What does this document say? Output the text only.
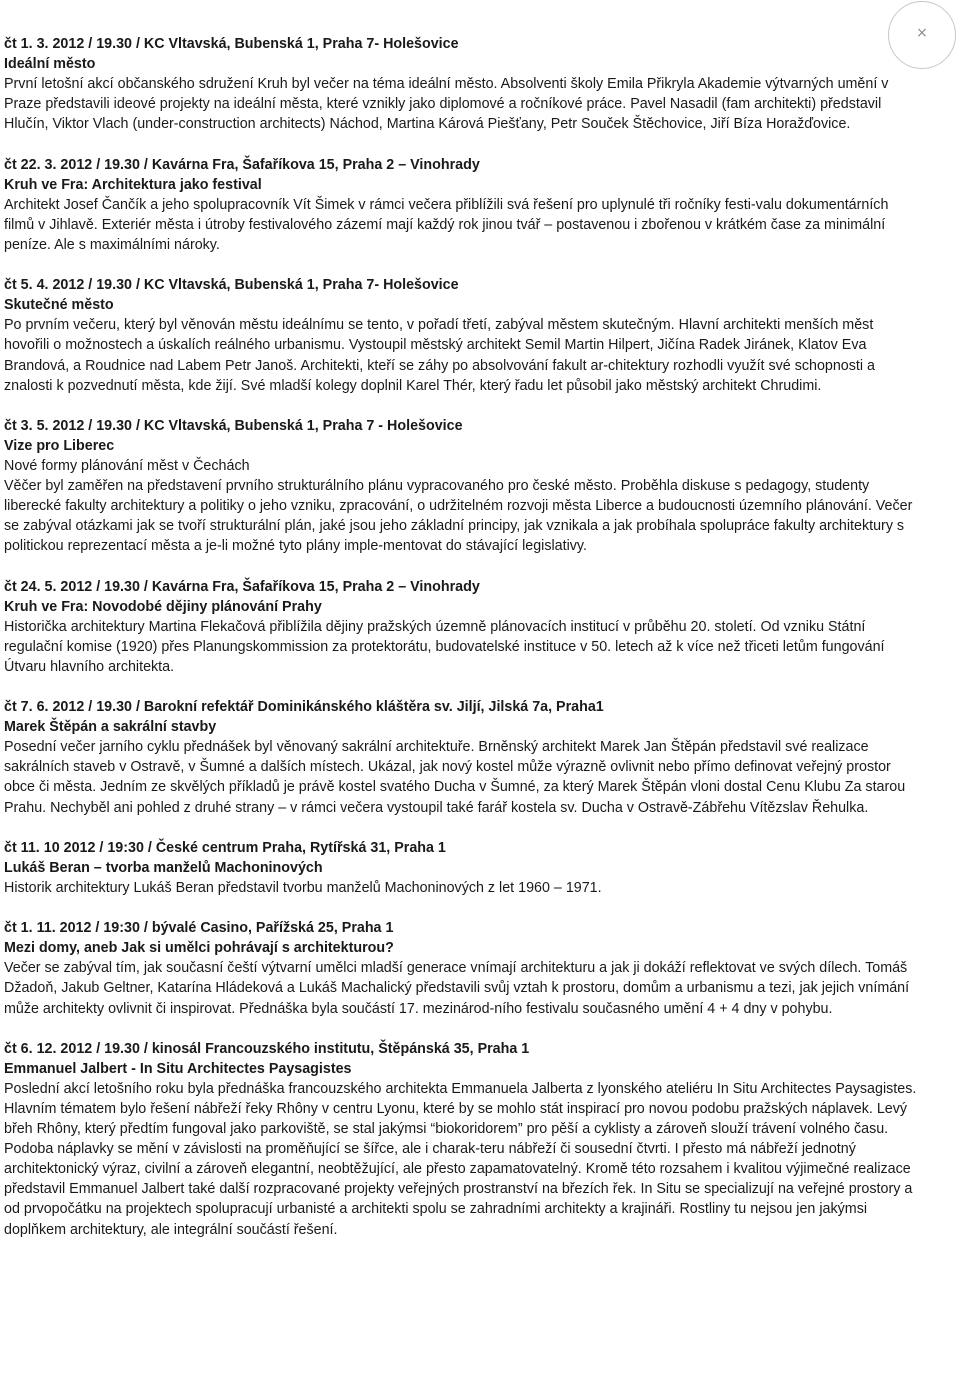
×
čt 1. 3. 2012 / 19.30 / KC Vltavská, Bubenská 1, Praha 7- Holešovice
Ideální město
První letošní akcí občanského sdružení Kruh byl večer na téma ideální město. Absolventi školy Emila Přikryla Akademie výtvarných umění v Praze představili ideové projekty na ideální města, které vznikly jako diplomové a ročníkové práce. Pavel Nasadil (fam architekti) představil Hlučín, Viktor Vlach (under-construction architects) Náchod, Martina Kárová Piešťany, Petr Souček Štěchovice, Jiří Bíza Horažďovice.
čt 22. 3. 2012 / 19.30 / Kavárna Fra, Šafaříkova 15, Praha 2 – Vinohrady
Kruh ve Fra: Architektura jako festival
Architekt Josef Čančík a jeho spolupracovník Vít Šimek v rámci večera přiblížili svá řešení pro uplynulé tři ročníky festi-valu dokumentárních filmů v Jihlavě. Exteriér města i útroby festivalového zázemí mají každý rok jinou tvář – postavenou i zbořenou v krátkém čase za minimální peníze. Ale s maximálními nároky.
čt 5. 4. 2012 / 19.30 / KC Vltavská, Bubenská 1, Praha 7- Holešovice
Skutečné město
Po prvním večeru, který byl věnován městu ideálnímu se tento, v pořadí třetí, zabýval městem skutečným. Hlavní architekti menších měst hovořili o možnostech a úskalích reálného urbanismu. Vystoupil městský architekt Semil Martin Hilpert, Jičína Radek Jiránek, Klatov Eva Brandová, a Roudnice nad Labem Petr Janoš. Architekti, kteří se záhy po absolvování fakult ar-chitektury rozhodli využít své schopnosti a znalosti k pozvednutí města, kde žijí. Své mladší kolegy doplnil Karel Thér, který řadu let působil jako městský architekt Chrudimi.
čt 3. 5. 2012 / 19.30 / KC Vltavská, Bubenská 1, Praha 7 - Holešovice
Vize pro Liberec
Nové formy plánování měst v Čechách
Věčer byl zaměřen na představení prvního strukturálního plánu vypracovaného pro české město. Proběhla diskuse s pedagogy, studenty liberecké fakulty architektury a politiky o jeho vzniku, zpracování, o udržitelném rozvoji města Liberce a budoucnosti územního plánování. Večer se zabýval otázkami jak se tvoří strukturální plán, jaké jsou jeho základní principy, jak vznikala a jak probíhala spolupráce fakulty architektury s politickou reprezentací města a je-li možné tyto plány imple-mentovat do stávající legislativy.
čt 24. 5. 2012 / 19.30 / Kavárna Fra, Šafaříkova 15, Praha 2 – Vinohrady
Kruh ve Fra: Novodobé dějiny plánování Prahy
Historička architektury Martina Flekačová přiblížila dějiny pražských územně plánovacích institucí v průběhu 20. století. Od vzniku Státní regulační komise (1920) přes Planungskommission za protektorátu, budovatelské instituce v 50. letech až k více než třiceti letům fungování Útvaru hlavního architekta.
čt 7. 6. 2012 / 19.30 / Barokní refektář Dominikánského kláštěra sv. Jiljí, Jilská 7a, Praha1
Marek Štěpán a sakrální stavby
Posední večer jarního cyklu přednášek byl věnovaný sakrální architektuře. Brněnský architekt Marek Jan Štěpán představil své realizace sakrálních staveb v Ostravě, v Šumné a dalších místech. Ukázal, jak nový kostel může výrazně ovlivnit nebo přímo definovat veřejný prostor obce či města. Jedním ze skvělých příkladů je právě kostel svatého Ducha v Šumné, za který Marek Štěpán vloni dostal Cenu Klubu Za starou Prahu. Nechyběl ani pohled z druhé strany – v rámci večera vystoupil také farář kostela sv. Ducha v Ostravě-Zábřehu Vítězslav Řehulka.
čt 11. 10 2012 / 19:30 / České centrum Praha, Rytířská 31, Praha 1
Lukáš Beran – tvorba manželů Machoninových
Historik architektury Lukáš Beran představil tvorbu manželů Machoninových z let 1960 – 1971.
čt 1. 11. 2012 / 19:30 / bývalé Casino, Pařížská 25, Praha 1
Mezi domy, aneb Jak si umělci pohrávají s architekturou?
Večer se zabýval tím, jak současní čeští výtvarní umělci mladší generace vnímají architekturu a jak ji dokáží reflektovat ve svých dílech. Tomáš Džadoň, Jakub Geltner, Katarína Hládeková a Lukáš Machalický představili svůj vztah k prostoru, domům a urbanismu a tezi, jak jejich vnímání může architekty ovlivnit či inspirovat. Přednáška byla součástí 17. mezinárod-ního festivalu současného umění 4 + 4 dny v pohybu.
čt 6. 12. 2012 / 19.30 / kinosál Francouzského institutu, Štěpánská 35, Praha 1
Emmanuel Jalbert - In Situ Architectes Paysagistes
Poslední akcí letošního roku byla přednáška francouzského architekta Emmanuela Jalberta z lyonského ateliéru In Situ Architectes Paysagistes.
Hlavním tématem bylo řešení nábřeží řeky Rhôny v centru Lyonu, které by se mohlo stát inspirací pro novou podobu pražských náplavek. Levý břeh Rhôny, který předtím fungoval jako parkoviště, se stal jakýmsi “biokoridorem” pro pěší a cyklisty a zároveň slouží trávení volného času. Podoba náplavky se mění v závislosti na proměňující se šířce, ale i charak-teru nábřeží či sousední čtvrti. I přesto má nábřeží jednotný architektonický výraz, civilní a zároveň elegantní, neobtěžující, ale přesto zapamatovatelný. Kromě této rozsahem i kvalitou výjimečné realizace představil Emmanuel Jalbert také další rozpracované projekty veřejných prostranství na březích řek. In Situ se specializují na veřejné prostory a od prvopočátku na projektech spolupracují urbanisté a architekti spolu se zahradními architekty a krajináři. Rostliny tu nejsou jen jakýmsi doplňkem architektury, ale integrální součástí řešení.
